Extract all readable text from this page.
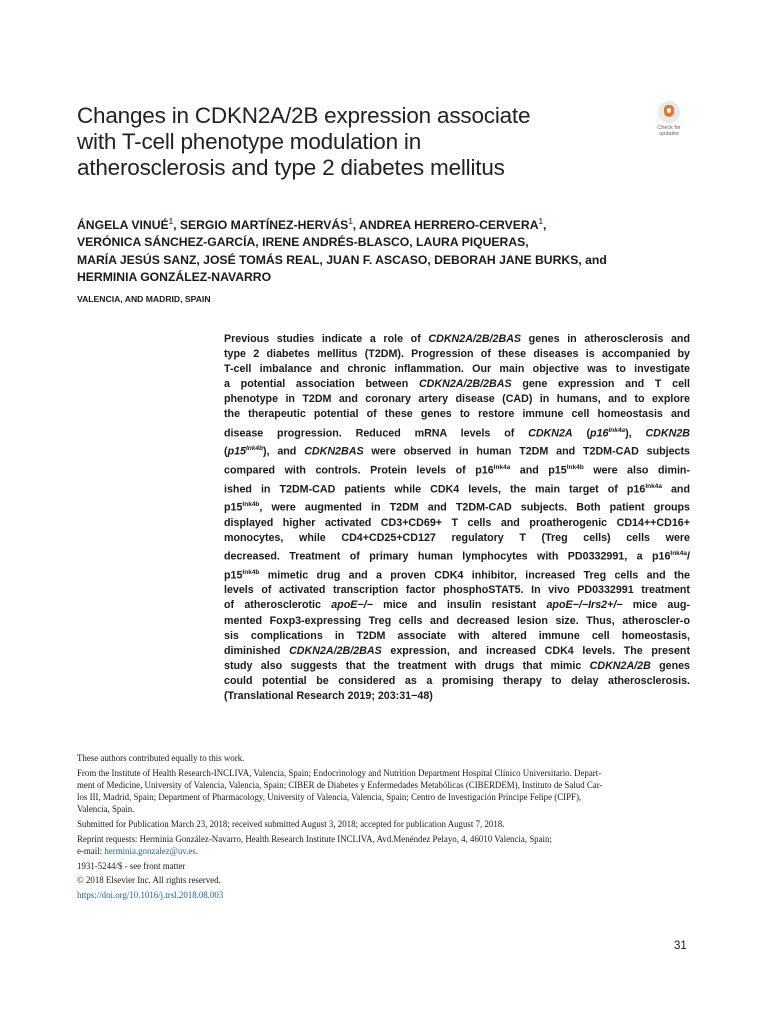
Changes in CDKN2A/2B expression associate
with T-cell phenotype modulation in
atherosclerosis and type 2 diabetes mellitus
Check for
updates
ÁNGELA VINUÉ$^1$, SERGIO MARTÍNEZ-HERVÁS$^1$, ANDREA HERRERO-CERVERA$^1$,
VERÓNICA SÁNCHEZ-GARCÍA, IRENE ANDRÉS-BLASCO, LAURA PIQUERAS,
MARÍA JESÚS SANZ, JOSÉ TOMÁS REAL, JUAN F. ASCASO, DEBORAH JANE BURKS, and
HERMINIA GONZÁLEZ-NAVARRO
VALENCIA, AND MADRID, SPAIN
Previous studies indicate a role of CDKN2A/2B/2BAS genes in atherosclerosis and
type 2 diabetes mellitus (T2DM). Progression of these diseases is accompanied by
T-cell imbalance and chronic inflammation. Our main objective was to investigate
a potential association between CDKN2A/2B/2BAS gene expression and T cell
phenotype in T2DM and coronary artery disease (CAD) in humans, and to explore
the therapeutic potential of these genes to restore immune cell homeostasis and
disease progression. Reduced mRNA levels of CDKN2A $(p16^{Ink4a})$, CDKN2B
$(p15^{Ink4b})$, and CDKN2BAS were observed in human T2DM and T2DM-CAD subjects
compared with controls. Protein levels of $p16^{Ink4a}$ and $p15^{Ink4b}$ were also dimin-
ished in T2DM-CAD patients while CDK4 levels, the main target of $p16^{Ink4a}$ and
$p15^{Ink4b}$, were augmented in T2DM and T2DM-CAD subjects. Both patient groups
displayed higher activated CD3+CD69+ T cells and proatherogenic CD14++CD16+
monocytes, while CD4+CD25+CD127 regulatory T (Treg cells) cells were
decreased. Treatment of primary human lymphocytes with PD0332991, a $p16^{Ink4a}/$
$p15^{Ink4b}$ mimetic drug and a proven CDK4 inhibitor, increased Treg cells and the
levels of activated transcription factor phosphoSTAT5. In vivo PD0332991 treatment
of atherosclerotic apoE−/− mice and insulin resistant apoE−/−Irs2+/− mice aug-
mented Foxp3-expressing Treg cells and decreased lesion size. Thus, atheroscler-o
sis complications in T2DM associate with altered immune cell homeostasis,
diminished CDKN2A/2B/2BAS expression, and increased CDK4 levels. The present
study also suggests that the treatment with drugs that mimic CDKN2A/2B genes
could potential be considered as a promising therapy to delay atherosclerosis.
(Translational Research 2019; 203:31−48)

These authors contributed equally to this work.

From the Institute of Health Research-INCLIVA, Valencia, Spain; Endocrinology and Nutrition Department Hospital Clínico Universitario. Depart-
ment of Medicine, University of Valencia, Valencia, Spain; CIBER de Diabetes y Enfermedades Metabólicas (CIBERDEM), Instituto de Salud Car-
los III, Madrid, Spain; Department of Pharmacology, University of Valencia, Valencia, Spain; Centro de Investigación Príncipe Felipe (CIPF),
Valencia, Spain.

Submitted for Publication March 23, 2018; received submitted August 3, 2018; accepted for publication August 7, 2018.

Reprint requests: Herminia González-Navarro, Health Research Institute INCLIVA, Avd.Menéndez Pelayo, 4, 46010 Valencia, Spain;
e-mail: herminia.gonzalez@uv.es.

1931-5244/$ - see front matter

© 2018 Elsevier Inc. All rights reserved.

https://doi.org/10.1016/j.trsl.2018.08.003

31
